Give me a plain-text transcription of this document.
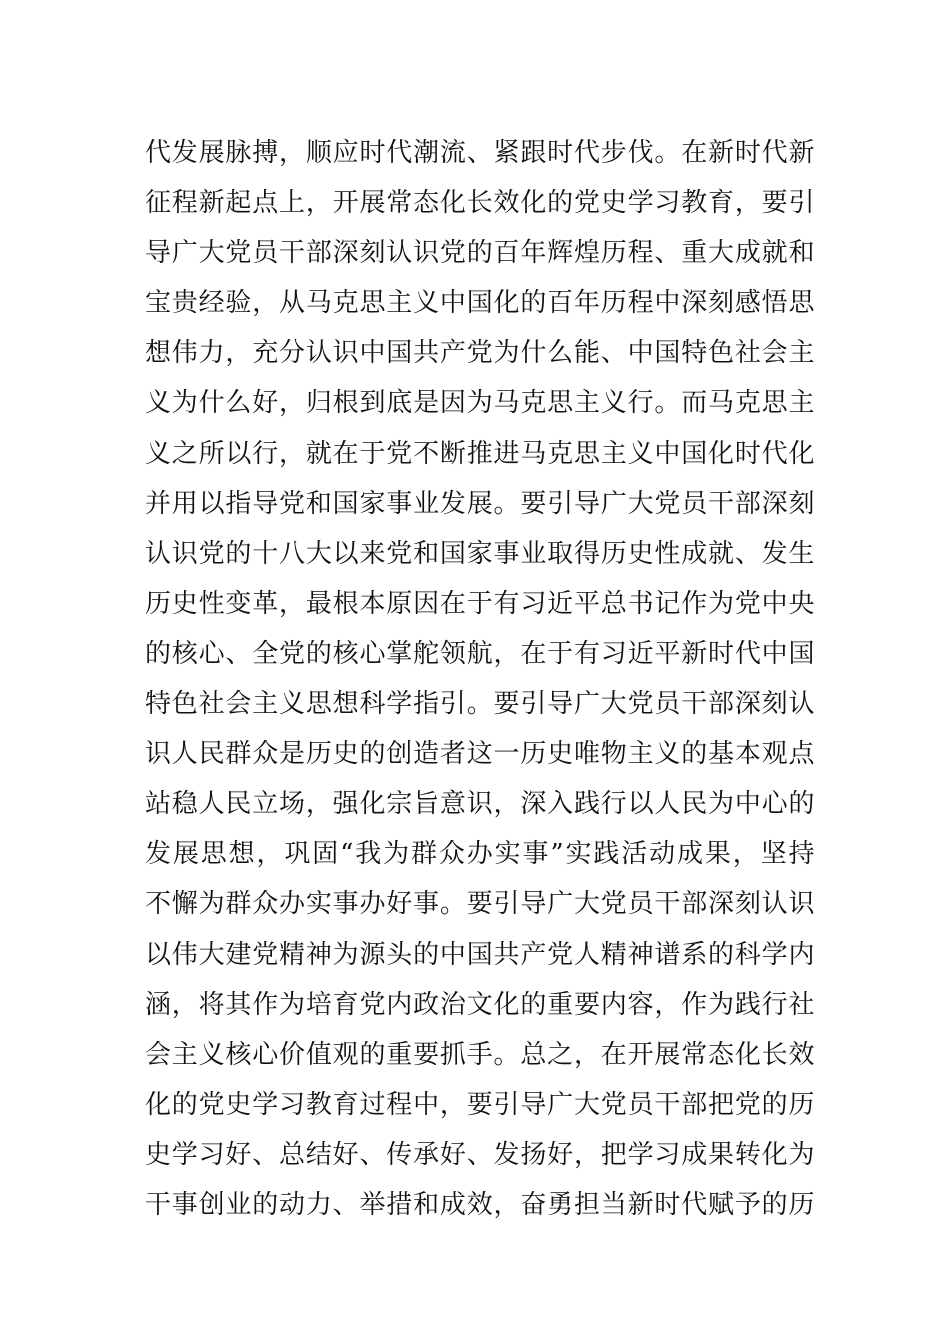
代发展脉搏，顺应时代潮流、紧跟时代步伐。在新时代新
征程新起点上，开展常态化长效化的党史学习教育，要引
导广大党员干部深刻认识党的百年辉煌历程、重大成就和
宝贵经验，从马克思主义中国化的百年历程中深刻感悟思
想伟力，充分认识中国共产党为什么能、中国特色社会主
义为什么好，归根到底是因为马克思主义行。而马克思主
义之所以行，就在于党不断推进马克思主义中国化时代化
并用以指导党和国家事业发展。要引导广大党员干部深刻
认识党的十八大以来党和国家事业取得历史性成就、发生
历史性变革，最根本原因在于有习近平总书记作为党中央
的核心、全党的核心掌舵领航，在于有习近平新时代中国
特色社会主义思想科学指引。要引导广大党员干部深刻认
识人民群众是历史的创造者这一历史唯物主义的基本观点
站稳人民立场，强化宗旨意识，深入践行以人民为中心的
发展思想，巩固“我为群众办实事”实践活动成果，坚持
不懈为群众办实事办好事。要引导广大党员干部深刻认识
以伟大建党精神为源头的中国共产党人精神谱系的科学内
涵，将其作为培育党内政治文化的重要内容，作为践行社
会主义核心价值观的重要抓手。总之，在开展常态化长效
化的党史学习教育过程中，要引导广大党员干部把党的历
史学习好、总结好、传承好、发扬好，把学习成果转化为
干事创业的动力、举措和成效，奋勇担当新时代赋予的历
